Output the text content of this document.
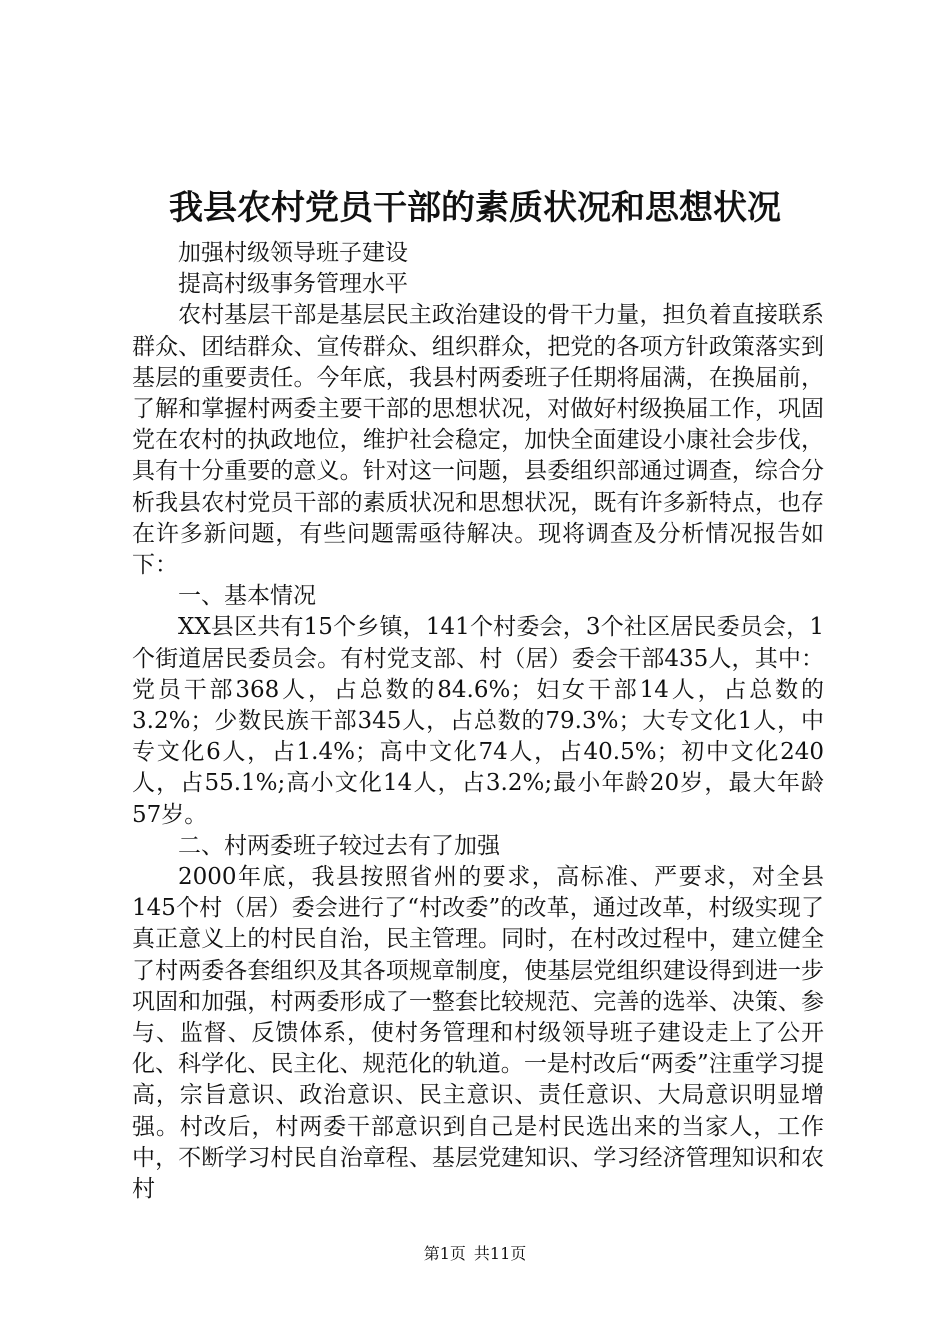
我县农村党员干部的素质状况和思想状况

加强村级领导班子建设

提高村级事务管理水平

农村基层干部是基层民主政治建设的骨干力量，担负着直接联系群众、团结群众、宣传群众、组织群众，把党的各项方针政策落实到基层的重要责任。今年底，我县村两委班子任期将届满，在换届前，了解和掌握村两委主要干部的思想状况，对做好村级换届工作，巩固党在农村的执政地位，维护社会稳定，加快全面建设小康社会步伐，具有十分重要的意义。针对这一问题，县委组织部通过调查，综合分析我县农村党员干部的素质状况和思想状况，既有许多新特点，也存在许多新问题，有些问题需亟待解决。现将调查及分析情况报告如下：

一、基本情况

XX县区共有15个乡镇，141个村委会，3个社区居民委员会，1个街道居民委员会。有村党支部、村（居）委会干部435人，其中：党员干部368人，占总数的84.6%；妇女干部14人，占总数的3.2%；少数民族干部345人，占总数的79.3%；大专文化1人，中专文化6人，占1.4%；高中文化74人，占40.5%；初中文化240人，占55.1%;高小文化14人，占3.2%;最小年龄20岁，最大年龄57岁。

二、村两委班子较过去有了加强

2000年底，我县按照省州的要求，高标准、严要求，对全县145个村（居）委会进行了“村改委”的改革，通过改革，村级实现了真正意义上的村民自治，民主管理。同时，在村改过程中，建立健全了村两委各套组织及其各项规章制度，使基层党组织建设得到进一步巩固和加强，村两委形成了一整套比较规范、完善的选举、决策、参与、监督、反馈体系，使村务管理和村级领导班子建设走上了公开化、科学化、民主化、规范化的轨道。一是村改后“两委”注重学习提高，宗旨意识、政治意识、民主意识、责任意识、大局意识明显增强。村改后，村两委干部意识到自己是村民选出来的当家人，工作中，不断学习村民自治章程、基层党建知识、学习经济管理知识和农村

第1页 共11页
